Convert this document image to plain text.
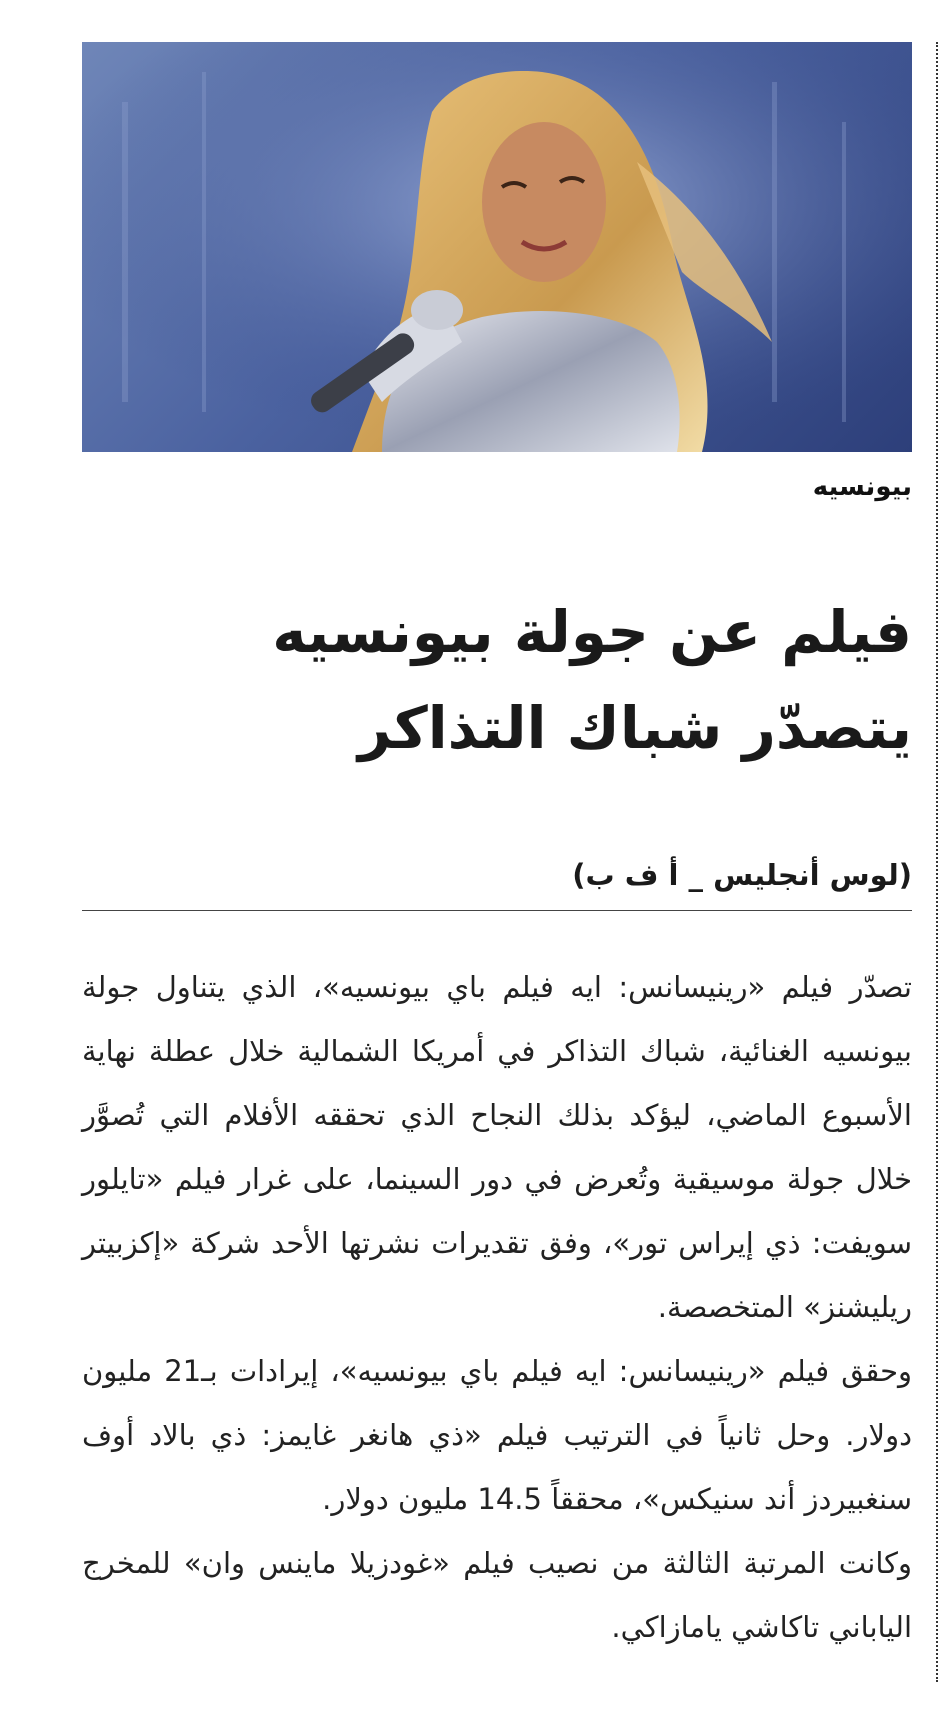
بيونسيه
فيلم عن جولة بيونسيه
يتصدّر شباك التذاكر
(لوس أنجليس _ أ ف ب)

تصدّر فيلم «رينيسانس: ايه فيلم باي بيونسيه»، الذي يتناول جولة بيونسيه الغنائية، شباك التذاكر في أمريكا الشمالية خلال عطلة نهاية الأسبوع الماضي، ليؤكد بذلك النجاح الذي تحققه الأفلام التي تُصوَّر خلال جولة موسيقية وتُعرض في دور السينما، على غرار فيلم «تايلور سويفت: ذي إيراس تور»، وفق تقديرات نشرتها الأحد شركة «إكزبيتر ريليشنز» المتخصصة.

وحقق فيلم «رينيسانس: ايه فيلم باي بيونسيه»، إيرادات بـ21 مليون دولار. وحل ثانياً في الترتيب فيلم «ذي هانغر غايمز: ذي بالاد أوف سنغبيردز أند سنيكس»، محققاً 14.5 مليون دولار.

وكانت المرتبة الثالثة من نصيب فيلم «غودزيلا ماينس وان» للمخرج الياباني تاكاشي يامازاكي.
